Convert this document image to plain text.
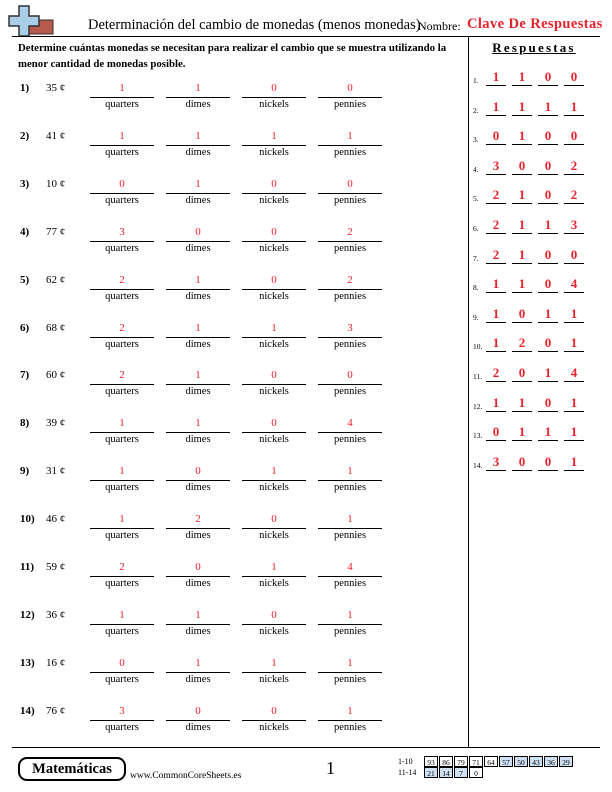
Determinación del cambio de monedas (menos monedas)
Nombre: Clave De Respuestas
Determine cuántas monedas se necesitan para realizar el cambio que se muestra utilizando la menor cantidad de monedas posible.
Respuestas
1) 35 ¢	1
quarters
1
dimes
0
nickels
0
pennies
2) 41 ¢	1
quarters
1
dimes
1
nickels
1
pennies
3) 10 ¢	0
quarters
1
dimes
0
nickels
0
pennies
4) 77 ¢	3
quarters
0
dimes
0
nickels
2
pennies
5) 62 ¢	2
quarters
1
dimes
0
nickels
2
pennies
6) 68 ¢	2
quarters
1
dimes
1
nickels
3
pennies
7) 60 ¢	2
quarters
1
dimes
0
nickels
0
pennies
8) 39 ¢	1
quarters
1
dimes
0
nickels
4
pennies
9) 31 ¢	1
quarters
0
dimes
1
nickels
1
pennies
10) 46 ¢	1
quarters
2
dimes
0
nickels
1
pennies
11) 59 ¢	2
quarters
0
dimes
1
nickels
4
pennies
12) 36 ¢	1
quarters
1
dimes
0
nickels
1
pennies
13) 16 ¢	0
quarters
1
dimes
1
nickels
1
pennies
14) 76 ¢	3
quarters
0
dimes
0
nickels
1
pennies
1.	1	1	0	0
2.	1	1	1	1
3.	0	1	0	0
4.	3	0	0	2
5.	2	1	0	2
6.	2	1	1	3
7.	2	1	0	0
8.	1	1	0	4
9.	1	0	1	1
10. 1	2	0	1
11. 2	0	1	4
12. 1	1	0	1
13. 0	1	1	1
14. 3	0	0	1
Matemáticas	www.CommonCoreSheets.es	1	1-10	93	86	79	71	64	57	50	43	36	29
11-14	21	14	7	0
